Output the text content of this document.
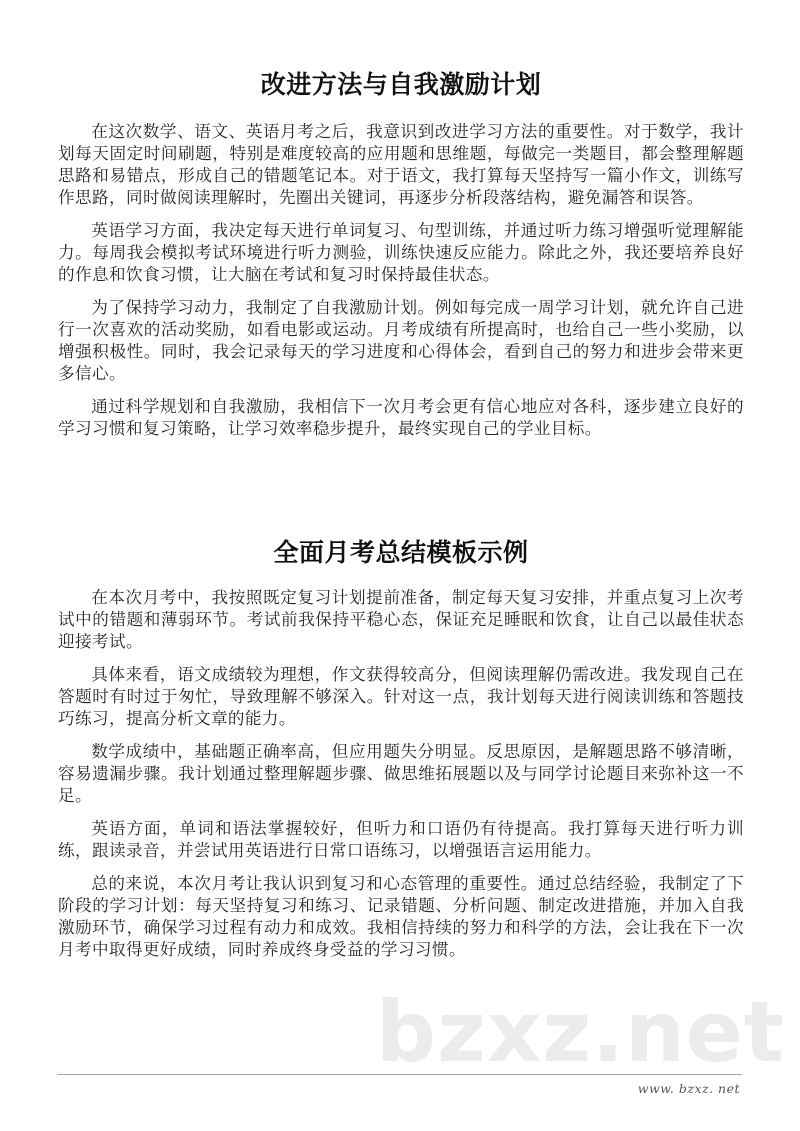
改进方法与自我激励计划

在这次数学、语文、英语月考之后，我意识到改进学习方法的重要性。对于数学，我计划每天固定时间刷题，特别是难度较高的应用题和思维题，每做完一类题目，都会整理解题思路和易错点，形成自己的错题笔记本。对于语文，我打算每天坚持写一篇小作文，训练写作思路，同时做阅读理解时，先圈出关键词，再逐步分析段落结构，避免漏答和误答。

英语学习方面，我决定每天进行单词复习、句型训练，并通过听力练习增强听觉理解能力。每周我会模拟考试环境进行听力测验，训练快速反应能力。除此之外，我还要培养良好的作息和饮食习惯，让大脑在考试和复习时保持最佳状态。

为了保持学习动力，我制定了自我激励计划。例如每完成一周学习计划，就允许自己进行一次喜欢的活动奖励，如看电影或运动。月考成绩有所提高时，也给自己一些小奖励，以增强积极性。同时，我会记录每天的学习进度和心得体会，看到自己的努力和进步会带来更多信心。

通过科学规划和自我激励，我相信下一次月考会更有信心地应对各科，逐步建立良好的学习习惯和复习策略，让学习效率稳步提升，最终实现自己的学业目标。

全面月考总结模板示例

在本次月考中，我按照既定复习计划提前准备，制定每天复习安排，并重点复习上次考试中的错题和薄弱环节。考试前我保持平稳心态，保证充足睡眠和饮食，让自己以最佳状态迎接考试。

具体来看，语文成绩较为理想，作文获得较高分，但阅读理解仍需改进。我发现自己在答题时有时过于匆忙，导致理解不够深入。针对这一点，我计划每天进行阅读训练和答题技巧练习，提高分析文章的能力。

数学成绩中，基础题正确率高，但应用题失分明显。反思原因，是解题思路不够清晰，容易遗漏步骤。我计划通过整理解题步骤、做思维拓展题以及与同学讨论题目来弥补这一不足。

英语方面，单词和语法掌握较好，但听力和口语仍有待提高。我打算每天进行听力训练，跟读录音，并尝试用英语进行日常口语练习，以增强语言运用能力。

总的来说，本次月考让我认识到复习和心态管理的重要性。通过总结经验，我制定了下阶段的学习计划：每天坚持复习和练习、记录错题、分析问题、制定改进措施，并加入自我激励环节，确保学习过程有动力和成效。我相信持续的努力和科学的方法，会让我在下一次月考中取得更好成绩，同时养成终身受益的学习习惯。

bzxz.net
www. bzxz. net
